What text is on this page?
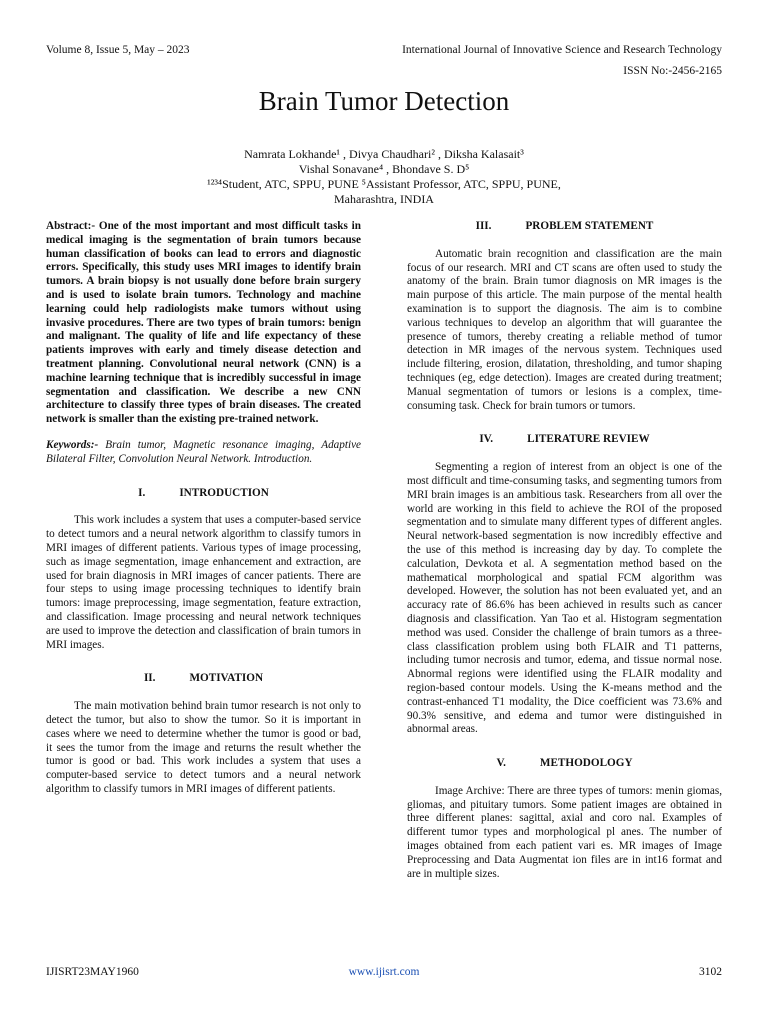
Volume 8, Issue 5, May – 2023	International Journal of Innovative Science and Research Technology
ISSN No:-2456-2165
Brain Tumor Detection
Namrata Lokhande¹ , Divya Chaudhari² , Diksha Kalasait³
Vishal Sonavane⁴ , Bhondave S. D⁵
¹²³⁴Student, ATC, SPPU, PUNE ⁵Assistant Professor, ATC, SPPU, PUNE,
Maharashtra, INDIA
Abstract:- One of the most important and most difficult tasks in medical imaging is the segmentation of brain tumors because human classification of books can lead to errors and diagnostic errors. Specifically, this study uses MRI images to identify brain tumors. A brain biopsy is not usually done before brain surgery and is used to isolate brain tumors. Technology and machine learning could help radiologists make tumors without using invasive procedures. There are two types of brain tumors: benign and malignant. The quality of life and life expectancy of these patients improves with early and timely disease detection and treatment planning. Convolutional neural network (CNN) is a machine learning technique that is incredibly successful in image segmentation and classification. We describe a new CNN architecture to classify three types of brain diseases. The created network is smaller than the existing pre-trained network.
Keywords:- Brain tumor, Magnetic resonance imaging, Adaptive Bilateral Filter, Convolution Neural Network. Introduction.
I.	INTRODUCTION

This work includes a system that uses a computer-based service to detect tumors and a neural network algorithm to classify tumors in MRI images of different patients. Various types of image processing, such as image segmentation, image enhancement and extraction, are used for brain diagnosis in MRI images of cancer patients. There are four steps to using image processing techniques to identify brain tumors: image preprocessing, image segmentation, feature extraction, and classification. Image processing and neural network techniques are used to improve the detection and classification of brain tumors in MRI images.

II.	MOTIVATION

The main motivation behind brain tumor research is not only to detect the tumor, but also to show the tumor. So it is important in cases where we need to determine whether the tumor is good or bad, it sees the tumor from the image and returns the result whether the tumor is good or bad. This work includes a system that uses a computer-based service to detect tumors and a neural network algorithm to classify tumors in MRI images of different patients.

III.	PROBLEM STATEMENT

Automatic brain recognition and classification are the main focus of our research. MRI and CT scans are often used to study the anatomy of the brain. Brain tumor diagnosis on MR images is the main purpose of this article. The main purpose of the mental health examination is to support the diagnosis. The aim is to combine various techniques to develop an algorithm that will guarantee the presence of tumors, thereby creating a reliable method of tumor detection in MR images of the nervous system. Techniques used include filtering, erosion, dilatation, thresholding, and tumor shaping techniques (eg, edge detection). Images are created during treatment; Manual segmentation of tumors or lesions is a complex, time-consuming task. Check for brain tumors or tumors.

IV.	LITERATURE REVIEW

Segmenting a region of interest from an object is one of the most difficult and time-consuming tasks, and segmenting tumors from MRI brain images is an ambitious task. Researchers from all over the world are working in this field to achieve the ROI of the proposed segmentation and to simulate many different types of different angles. Neural network-based segmentation is now incredibly effective and the use of this method is increasing day by day. To complete the calculation, Devkota et al. A segmentation method based on the mathematical morphological and spatial FCM algorithm was developed. However, the solution has not been evaluated yet, and an accuracy rate of 86.6% has been achieved in results such as cancer diagnosis and classification. Yan Tao et al. Histogram segmentation method was used. Consider the challenge of brain tumors as a three-class classification problem using both FLAIR and T1 patterns, including tumor necrosis and tumor, edema, and tissue normal nose. Abnormal regions were identified using the FLAIR modality and region-based contour models. Using the K-means method and the contrast-enhanced T1 modality, the Dice coefficient was 73.6% and 90.3% sensitive, and edema and tumor were distinguished in abnormal areas.

V.	METHODOLOGY

Image Archive: There are three types of tumors: menin giomas, gliomas, and pituitary tumors. Some patient images are obtained in three different planes: sagittal, axial and coro nal. Examples of different tumor types and morphological pl anes. The number of images obtained from each patient vari es. MR images of Image Preprocessing and Data Augmentat ion files are in int16 format and are in multiple sizes.

IJISRT23MAY1960	www.ijisrt.com	3102
